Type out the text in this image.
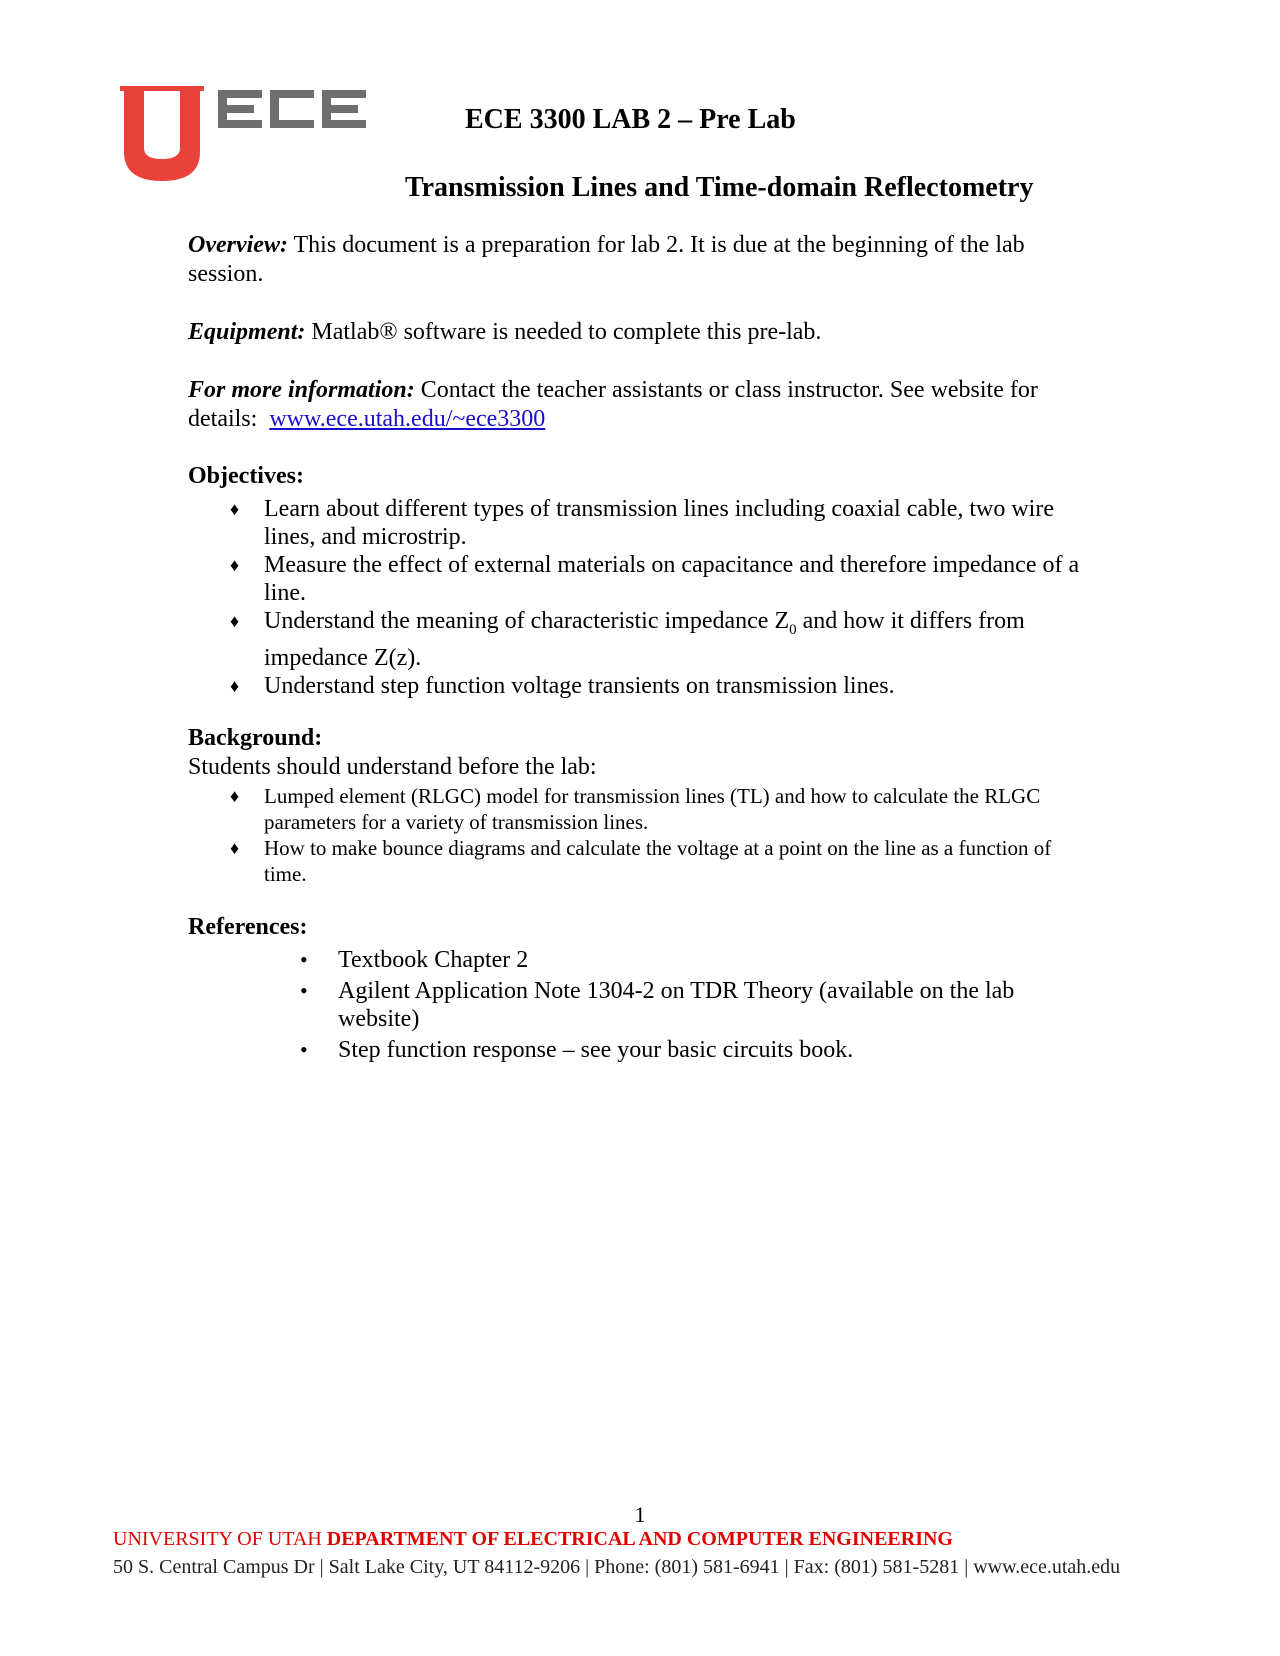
ECE 3300 LAB 2 – Pre Lab
Transmission Lines and Time-domain Reflectometry
Overview: This document is a preparation for lab 2. It is due at the beginning of the lab session.
Equipment: Matlab® software is needed to complete this pre-lab.
For more information: Contact the teacher assistants or class instructor. See website for details:  www.ece.utah.edu/~ece3300
Objectives:
♦ Learn about different types of transmission lines including coaxial cable, two wire lines, and microstrip.
♦ Measure the effect of external materials on capacitance and therefore impedance of a line.
♦ Understand the meaning of characteristic impedance $Z_0$ and how it differs from impedance Z(z).
♦ Understand step function voltage transients on transmission lines.
Background:
Students should understand before the lab:
♦ Lumped element (RLGC) model for transmission lines (TL) and how to calculate the RLGC parameters for a variety of transmission lines.
♦ How to make bounce diagrams and calculate the voltage at a point on the line as a function of time.
References:
• Textbook Chapter 2
• Agilent Application Note 1304-2 on TDR Theory (available on the lab website)
• Step function response – see your basic circuits book.
1
UNIVERSITY OF UTAH DEPARTMENT OF ELECTRICAL AND COMPUTER ENGINEERING
50 S. Central Campus Dr | Salt Lake City, UT 84112-9206 | Phone: (801) 581-6941 | Fax: (801) 581-5281 | www.ece.utah.edu
